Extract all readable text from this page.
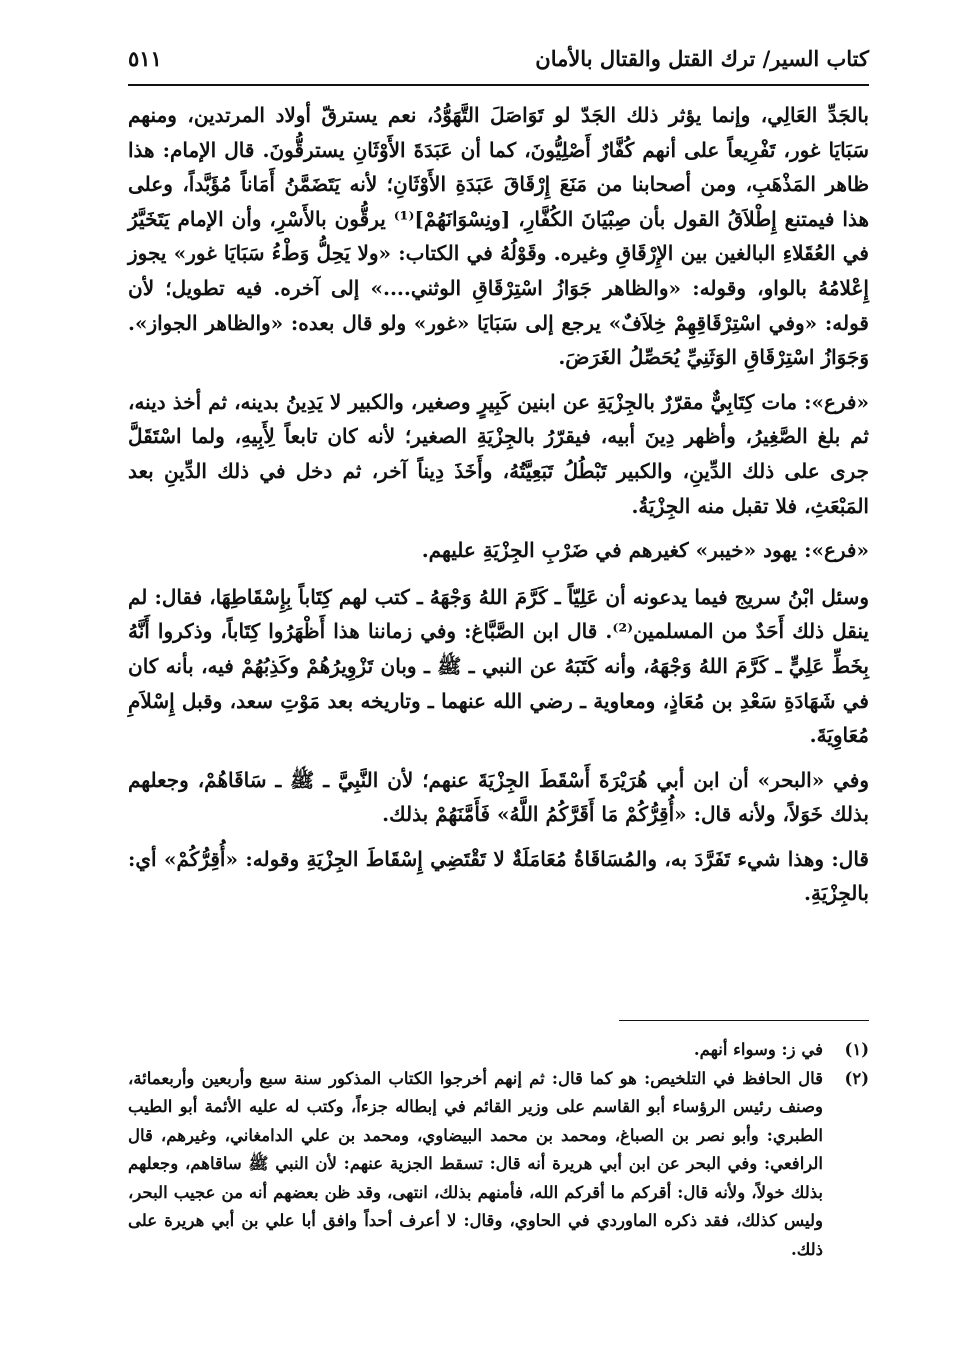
كتاب السير/ ترك القتل والقتال بالأمان
٥١١

بالجَدِّ العَالِي، وإنما يؤثر ذلك الجَدّ لو تَوَاصَلَ التَّهَوُّدُ، نعم يسترقّ أولاد المرتدين، ومنهم سَبَايَا غور، تَفْرِيعاً على أنهم كُفَّارٌ أَصْلِيُّونَ، كما أن عَبَدَةَ الأَوْثَانِ يسترقُّونَ. قال الإمام: هذا ظاهر المَذْهَبِ، ومن أصحابنا من مَنَعَ إِرْقَاقَ عَبَدَةِ الأَوْثَانِ؛ لأنه يَتَضَمَّنُ أَمَاناً مُؤَبَّداً، وعلى هذا فيمتنع إِطْلاَقُ القول بأن صِبْيَانَ الكُفَّارِ، [ونِسْوَانَهُمْ]⁽¹⁾ يرقُّون بالأَسْرِ، وأن الإمام يَتَخَيَّرُ في العُقَلاءِ البالغين بين الإِرْقَاقِ وغيره. وقَوْلُهُ في الكتاب: «ولا يَحِلُّ وَطْءُ سَبَايَا غور» يجوز إِعْلامُهُ بالواو، وقوله: «والظاهر جَوَازُ اسْتِرْقَاقِ الوثني....» إلى آخره. فيه تطويل؛ لأن قوله: «وفي اسْتِرْقَاقِهِمْ خِلاَفٌ» يرجع إلى سَبَايَا «غور» ولو قال بعده: «والظاهر الجواز». وَجَوَازُ اسْتِرْقَاقِ الوَثَنِيِّ يُحَصِّلُ الغَرَضَ.

«فرع»: مات كِتَابِيٌّ مقرّرٌ بالجِزْيَةِ عن ابنين كَبِيرٍ وصغير، والكبير لا يَدِينُ بدينه، ثم أخذ دينه، ثم بلغ الصَّغِيرُ، وأظهر دِينَ أبيه، فيقرّرُ بالجِزْيَةِ الصغير؛ لأنه كان تابعاً لِأَبِيهِ، ولما اسْتَقَلَّ جرى على ذلك الدِّينِ، والكبير تَبْطُلُ تَبَعِيَّتُهُ، وأَخَذَ دِيناً آخر، ثم دخل في ذلك الدِّينِ بعد المَبْعَثِ، فلا تقبل منه الجِزْيَةُ.

«فرع»: يهود «خيبر» كغيرهم في ضَرْبِ الجِزْيَةِ عليهم.

وسئل ابْنُ سريج فيما يدعونه أن عَلِيّاً ـ كَرَّمَ اللهُ وَجْهَهُ ـ كتب لهم كِتَاباً بِإِسْقَاطِهَا، فقال: لم ينقل ذلك أَحَدٌ من المسلمين⁽²⁾. قال ابن الصَّبَّاغ: وفي زماننا هذا أَظْهَرُوا كِتَاباً، وذكروا أَنَّهُ بِخَطِّ عَلِيٍّ ـ كَرَّمَ اللهُ وَجْهَهُ، وأنه كَتَبَهُ عن النبي ـ ﷺ ـ وبان تَزْوِيرُهُمْ وكَذِبُهُمْ فيه، بأنه كان في شَهَادَةِ سَعْدِ بن مُعَاذٍ، ومعاوية ـ رضي الله عنهما ـ وتاريخه بعد مَوْتِ سعد، وقبل إِسْلاَمِ مُعَاوِيَةَ.

وفي «البحر» أن ابن أبي هُرَيْرَةَ أَسْقَطَ الجِزْيَةَ عنهم؛ لأن النَّبِيَّ ـ ﷺ ـ سَاقَاهُمْ، وجعلهم بذلك خَوَلاً، ولأنه قال: «أُقِرُّكُمْ مَا أَقَرَّكُمُ اللَّهُ» فَأَمَّنَهُمْ بذلك.

قال: وهذا شيء تَفَرَّدَ به، والمُسَاقَاةُ مُعَامَلَةٌ لا تَقْتَضِي إِسْقَاطَ الجِزْيَةِ وقوله: «أُقِرُّكُمْ» أي: بالجِزْيَةِ.

(١)
في ز: وسواء أنهم.
(٢)
قال الحافظ في التلخيص: هو كما قال: ثم إنهم أخرجوا الكتاب المذكور سنة سبع وأربعين وأربعمائة، وصنف رئيس الرؤساء أبو القاسم على وزير القائم في إبطاله جزءاً، وكتب له عليه الأئمة أبو الطيب الطبري: وأبو نصر بن الصباغ، ومحمد بن محمد البيضاوي، ومحمد بن علي الدامغاني، وغيرهم، قال الرافعي: وفي البحر عن ابن أبي هريرة أنه قال: تسقط الجزية عنهم: لأن النبي ﷺ ساقاهم، وجعلهم بذلك خولاً، ولأنه قال: أقركم ما أقركم الله، فأمنهم بذلك، انتهى، وقد ظن بعضهم أنه من عجيب البحر، وليس كذلك، فقد ذكره الماوردي في الحاوي، وقال: لا أعرف أحداً وافق أبا علي بن أبي هريرة على ذلك.
